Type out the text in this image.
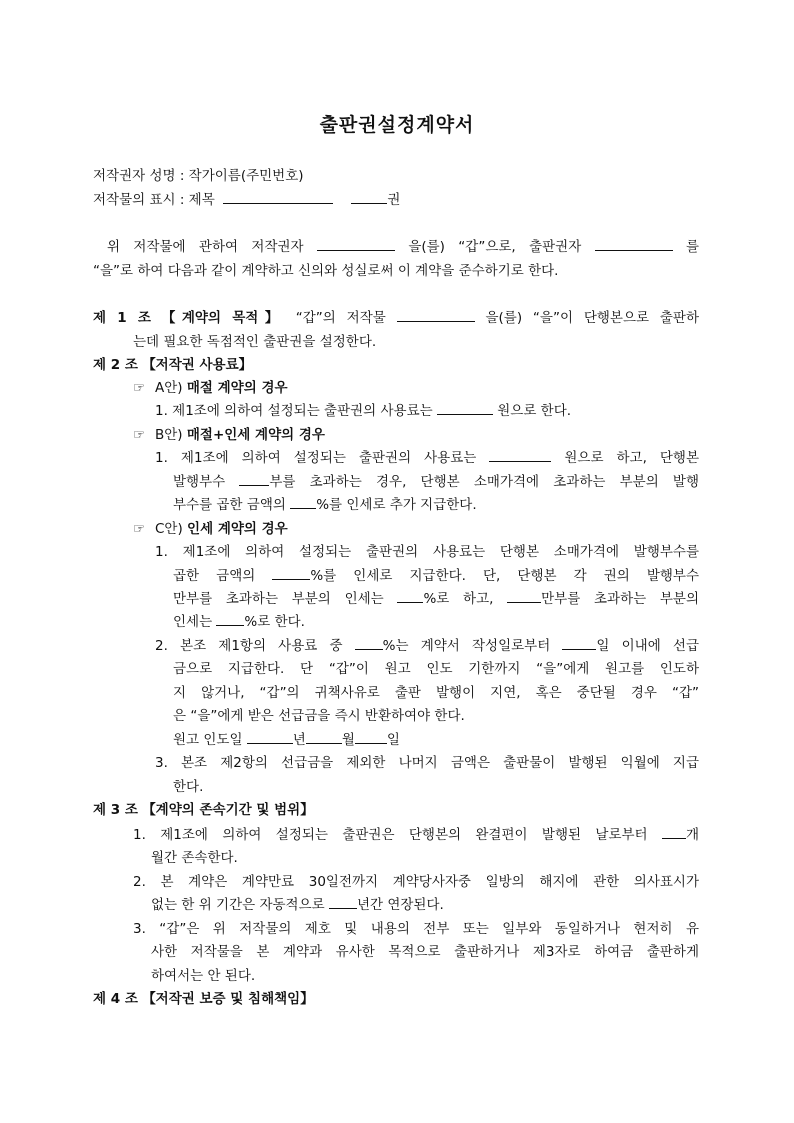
출판권설정계약서
저작권자 성명 : 작가이름(주민번호)
저작물의 표시 : 제목	권
위 저작물에 관하여 저작권자	을(를) “갑”으로, 출판권자	를
“을”로 하여 다음과 같이 계약하고 신의와 성실로써 이 계약을 준수하기로 한다.
제 1 조 【계약의 목적】 “갑”의 저작물	을(를) “을”이 단행본으로 출판하
는데 필요한 독점적인 출판권을 설정한다.
제 2 조 【저작권 사용료】
☞ A안) 매절 계약의 경우
1. 제1조에 의하여 설정되는 출판권의 사용료는	원으로 한다.
☞ B안) 매절+인세 계약의 경우
1. 제1조에 의하여 설정되는 출판권의 사용료는	원으로 하고, 단행본
발행부수	부를 초과하는 경우, 단행본 소매가격에 초과하는 부분의 발행
부수를 곱한 금액의 %를 인세로 추가 지급한다.
☞ C안) 인세 계약의 경우
1. 제1조에 의하여 설정되는 출판권의 사용료는 단행본 소매가격에 발행부수를
곱한 금액의	%를 인세로 지급한다. 단, 단행본 각 권의 발행부수
만부를 초과하는 부분의 인세는	%로 하고,	만부를 초과하는 부분의
인세는 %로 한다.
2. 본조 제1항의 사용료 중	%는 계약서 작성일로부터	일 이내에 선급
금으로 지급한다. 단 “갑”이 원고 인도 기한까지 “을”에게 원고를 인도하
지 않거나, “갑”의 귀책사유로 출판 발행이 지연, 혹은 중단될 경우 “갑”
은 “을”에게 받은 선급금을 즉시 반환하여야 한다.
원고 인도일	년	월 일
3. 본조 제2항의 선급금을 제외한 나머지 금액은 출판물이 발행된 익월에 지급
한다.
제 3 조 【계약의 존속기간 및 범위】
1. 제1조에 의하여 설정되는 출판권은 단행본의 완결편이 발행된 날로부터	개
월간 존속한다.
2. 본 계약은 계약만료 30일전까지 계약당사자중 일방의 해지에 관한 의사표시가
없는 한 위 기간은 자동적으로 년간 연장된다.
3. “갑”은 위 저작물의 제호 및 내용의 전부 또는 일부와 동일하거나 현저히 유
사한 저작물을 본 계약과 유사한 목적으로 출판하거나 제3자로 하여금 출판하게
하여서는 안 된다.
제 4 조 【저작권 보증 및 침해책임】
